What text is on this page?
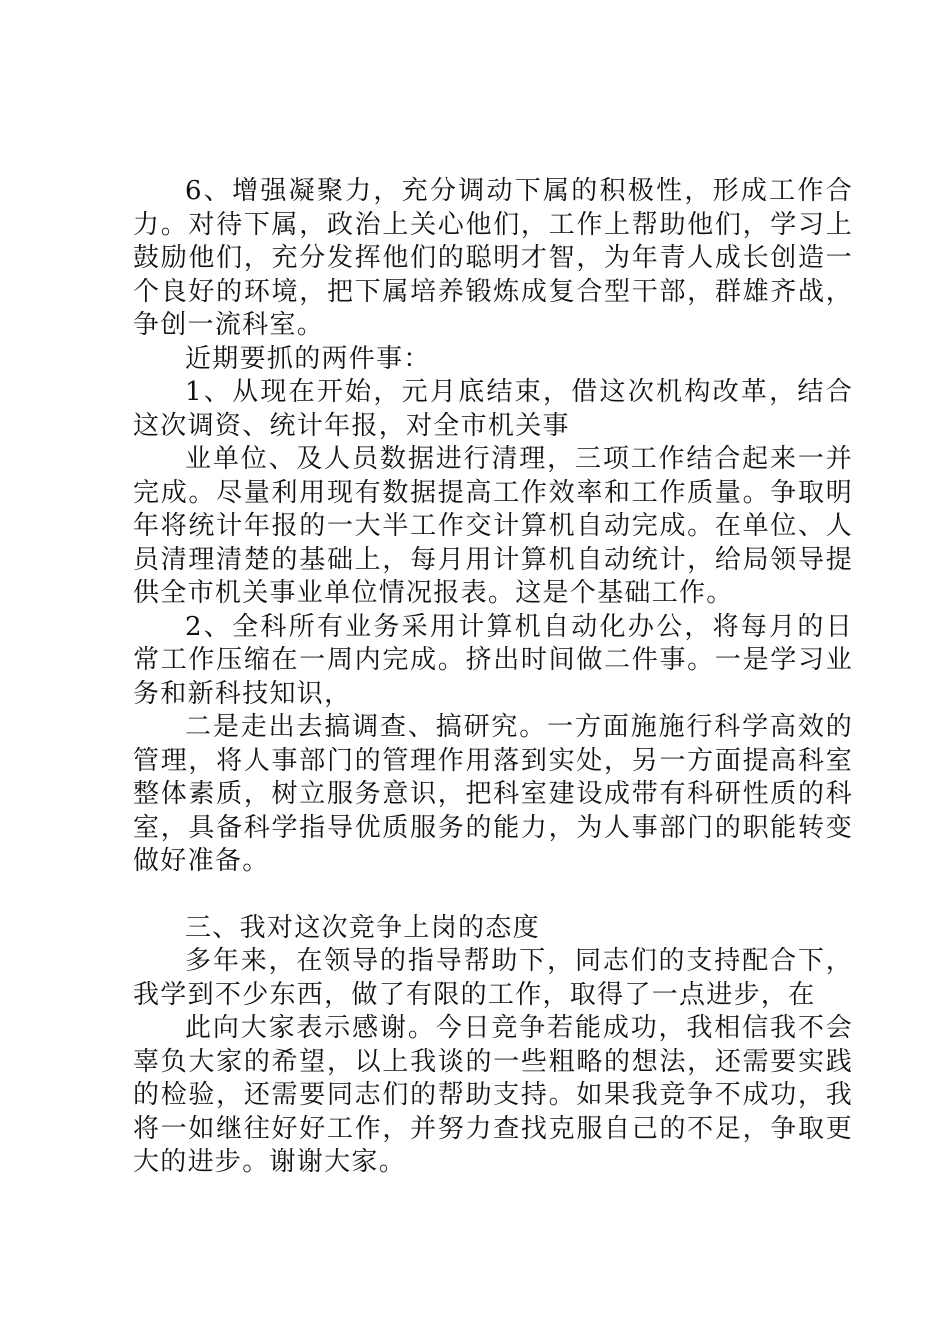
6、增强凝聚力，充分调动下属的积极性，形成工作合力。对待下属，政治上关心他们，工作上帮助他们，学习上鼓励他们，充分发挥他们的聪明才智，为年青人成长创造一个良好的环境，把下属培养锻炼成复合型干部，群雄齐战，争创一流科室。

近期要抓的两件事：

1、从现在开始，元月底结束，借这次机构改革，结合这次调资、统计年报，对全市机关事

业单位、及人员数据进行清理，三项工作结合起来一并完成。尽量利用现有数据提高工作效率和工作质量。争取明年将统计年报的一大半工作交计算机自动完成。在单位、人员清理清楚的基础上，每月用计算机自动统计，给局领导提供全市机关事业单位情况报表。这是个基础工作。

2、全科所有业务采用计算机自动化办公，将每月的日常工作压缩在一周内完成。挤出时间做二件事。一是学习业务和新科技知识，

二是走出去搞调查、搞研究。一方面施施行科学高效的管理，将人事部门的管理作用落到实处，另一方面提高科室整体素质，树立服务意识，把科室建设成带有科研性质的科室，具备科学指导优质服务的能力，为人事部门的职能转变做好准备。

三、我对这次竞争上岗的态度

多年来，在领导的指导帮助下，同志们的支持配合下，我学到不少东西，做了有限的工作，取得了一点进步，在

此向大家表示感谢。今日竞争若能成功，我相信我不会辜负大家的希望，以上我谈的一些粗略的想法，还需要实践的检验，还需要同志们的帮助支持。如果我竞争不成功，我将一如继往好好工作，并努力查找克服自己的不足，争取更大的进步。谢谢大家。
